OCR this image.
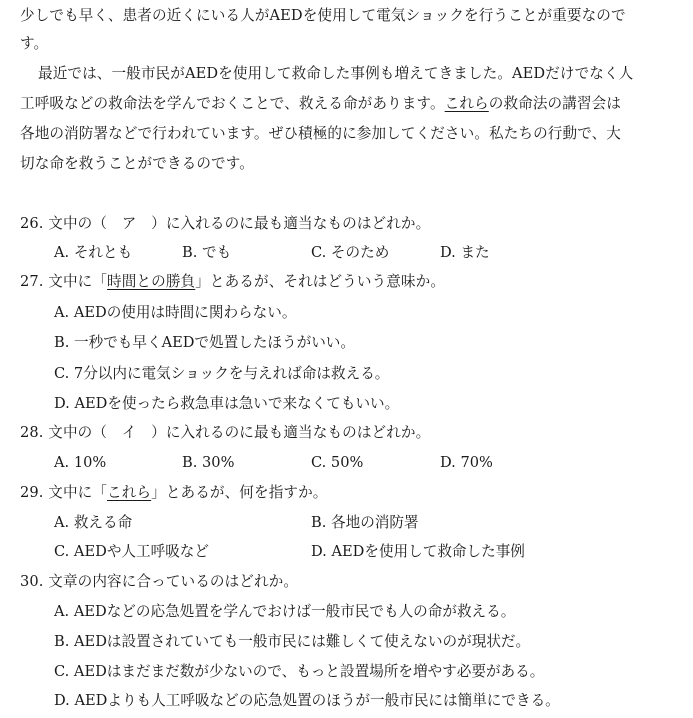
少しでも早く、患者の近くにいる人がAEDを使用して電気ショックを行うことが重要なので
す。
最近では、一般市民がAEDを使用して救命した事例も増えてきました。AEDだけでなく人
工呼吸などの救命法を学んでおくことで、救える命があります。これらの救命法の講習会は
各地の消防署などで行われています。ぜひ積極的に参加してください。私たちの行動で、大
切な命を救うことができるのです。
26. 文中の（　ア　）に入れるのに最も適当なものはどれか。
A. それとも	B. でも	C. そのため	D. また
27. 文中に「時間との勝負」とあるが、それはどういう意味か。
A. AEDの使用は時間に関わらない。
B. 一秒でも早くAEDで処置したほうがいい。
C. 7分以内に電気ショックを与えれば命は救える。
D. AEDを使ったら救急車は急いで来なくてもいい。
28. 文中の（　イ　）に入れるのに最も適当なものはどれか。
A. 10%	B. 30%	C. 50%	D. 70%
29. 文中に「これら」とあるが、何を指すか。
A. 救える命	B. 各地の消防署
C. AEDや人工呼吸など	D. AEDを使用して救命した事例
30. 文章の内容に合っているのはどれか。
A. AEDなどの応急処置を学んでおけば一般市民でも人の命が救える。
B. AEDは設置されていても一般市民には難しくて使えないのが現状だ。
C. AEDはまだまだ数が少ないので、もっと設置場所を増やす必要がある。
D. AEDよりも人工呼吸などの応急処置のほうが一般市民には簡単にできる。
